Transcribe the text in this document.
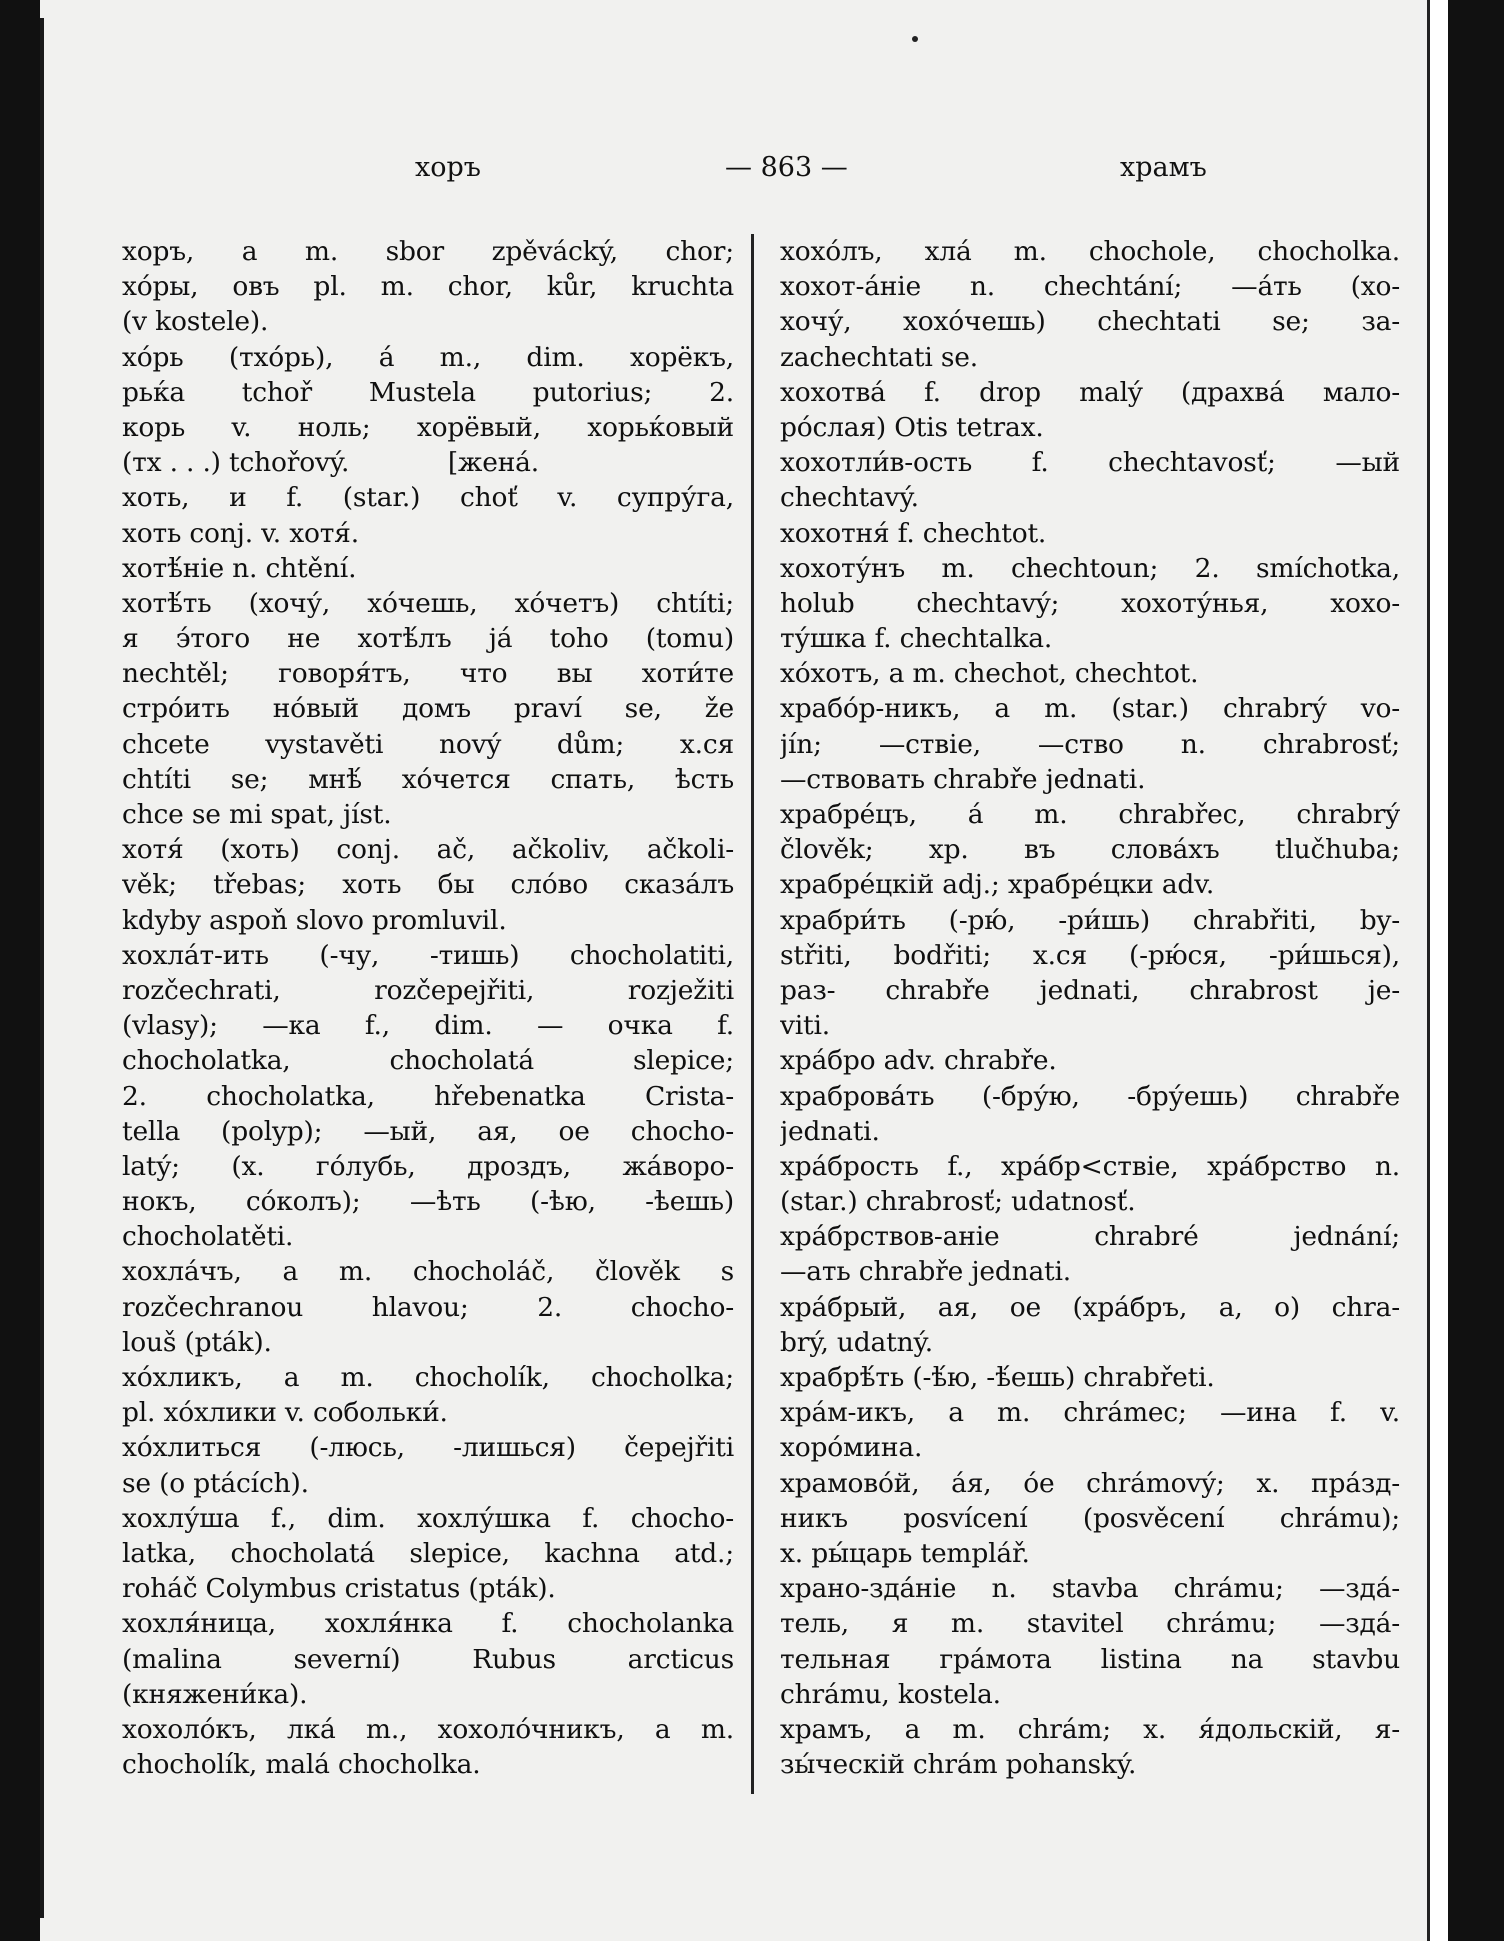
хоръ	— 863 —	храмъ
хоръ, a m. sbor zpěvácký, chor;
хóры, овъ pl. m. chor, kůr, kruchta
(v kostele).
хóрь (тхóрь), á m., dim. хорёкъ,
рьќа tchoř Mustela putorius; 2.
корь v. ноль; хорёвый, хорьќовый
(тх . . .) tchořový.            [жена́.
хоть, и f. (star.) choť v. супру́га,
хоть conj. v. хотя́.
хотѣ́ніе n. chtění.
хотѣ́ть (хочу́, хо́чешь, хо́четъ) chtíti;
я э́того не хотѣ́лъ já toho (tomu)
nechtěl; говоря́тъ, что вы хоти́те
стро́ить но́вый домъ praví se, že
chcete vystavěti nový dům; х.ся
chtíti se; мнѣ́ хо́чется спать, ѣсть
chce se mi spat, jíst.
хотя́ (хоть) conj. ač, ačkoliv, ačkoli-
věk; třebas; хоть бы сло́во сказа́лъ
kdyby aspoň slovo promluvil.
хохла́т-ить (-чу, -тишь) chocholatiti,
rozčechrati, rozčepejřiti, rozježiti
(vlasy); —ка f., dim. — очка f.
chocholatka, chocholatá slepice;
2. chocholatka, hřebenatka Crista-
tella (polyp); —ый, ая, ое chocho-
latý; (х. го́лубь, дроздъ, жа́воро-
нокъ, со́колъ); —ѣть (-ѣю, -ѣешь)
chocholatěti.
хохла́чъ, a m. chocholáč, člověk s
rozčechranou hlavou; 2. chocho-
louš (pták).
хо́хликъ, a m. chocholík, chocholka;
pl. хо́хлики v. собольки́.
хо́хлиться (-люсь, -лишься) čepejřiti
se (o ptácích).
хохлу́ша f., dim. хохлу́шка f. chocho-
latka, chocholatá slepice, kachna atd.;
roháč Colymbus cristatus (pták).
хохля́ница, хохля́нка f. chocholanka
(malina severní) Rubus arcticus
(княжени́ка).
хохоло́къ, лка́ m., хохоло́чникъ, a m.
chocholík, malá chocholka.
хохо́лъ, хла́ m. chochole, chocholka.
хохот-а́ніе n. chechtání; —а́ть (хо-
хочу́, хохо́чешь) chechtati se; за-
zachechtati se.
хохотва́ f. drop malý (драхва́ мало-
ро́слая) Otis tetrax.
хохотли́в-ость f. chechtavosť; —ый
chechtavý.
хохотня́ f. chechtot.
хохоту́нъ m. chechtoun; 2. smíchotka,
holub chechtavý; хохоту́нья, хохо-
ту́шка f. chechtalka.
хо́хотъ, a m. chechot, chechtot.
храбо́р-никъ, a m. (star.) chrabrý vo-
jín; —ствіе, —ство n. chrabrosť;
—ствовать chrabře jednati.
храбре́цъ, á m. chrabřec, chrabrý
člověk; хр. въ слова́хъ tlučhuba;
храбре́цкій adj.; храбре́цки adv.
храбри́ть (-рю́, -ри́шь) chrabřiti, by-
střiti, bodřiti; х.ся (-рю́ся, -ри́шься),
раз- chrabře jednati, chrabrost je-
viti.
хра́бро adv. chrabře.
храброва́ть (-бру́ю, -бру́ешь) chrabře
jednati.
хра́брость f., хра́бр<ствіе, хра́брство n.
(star.) chrabrosť; udatnosť.
хра́брствов-аніе chrabré jednání;
—ать chrabře jednati.
хра́брый, ая, ое (хра́бръ, а, о) chra-
brý, udatný.
храбрѣ́ть (-ѣ́ю, -ѣ́ешь) chrabřeti.
хра́м-икъ, a m. chrámec; —ина f. v.
хоро́мина.
храмово́й, а́я, о́е chrámový; х. пра́зд-
никъ posvícení (posvěcení chrámu);
х. ры́царь templář.
храно-зда́ніе n. stavba chrámu; —зда́-
тель, я m. stavitel chrámu; —зда́-
тельная гра́мота listina na stavbu
chrámu, kostela.
храмъ, a m. chrám; х. я́дольскій, я-
зы́ческій chrám pohanský.
